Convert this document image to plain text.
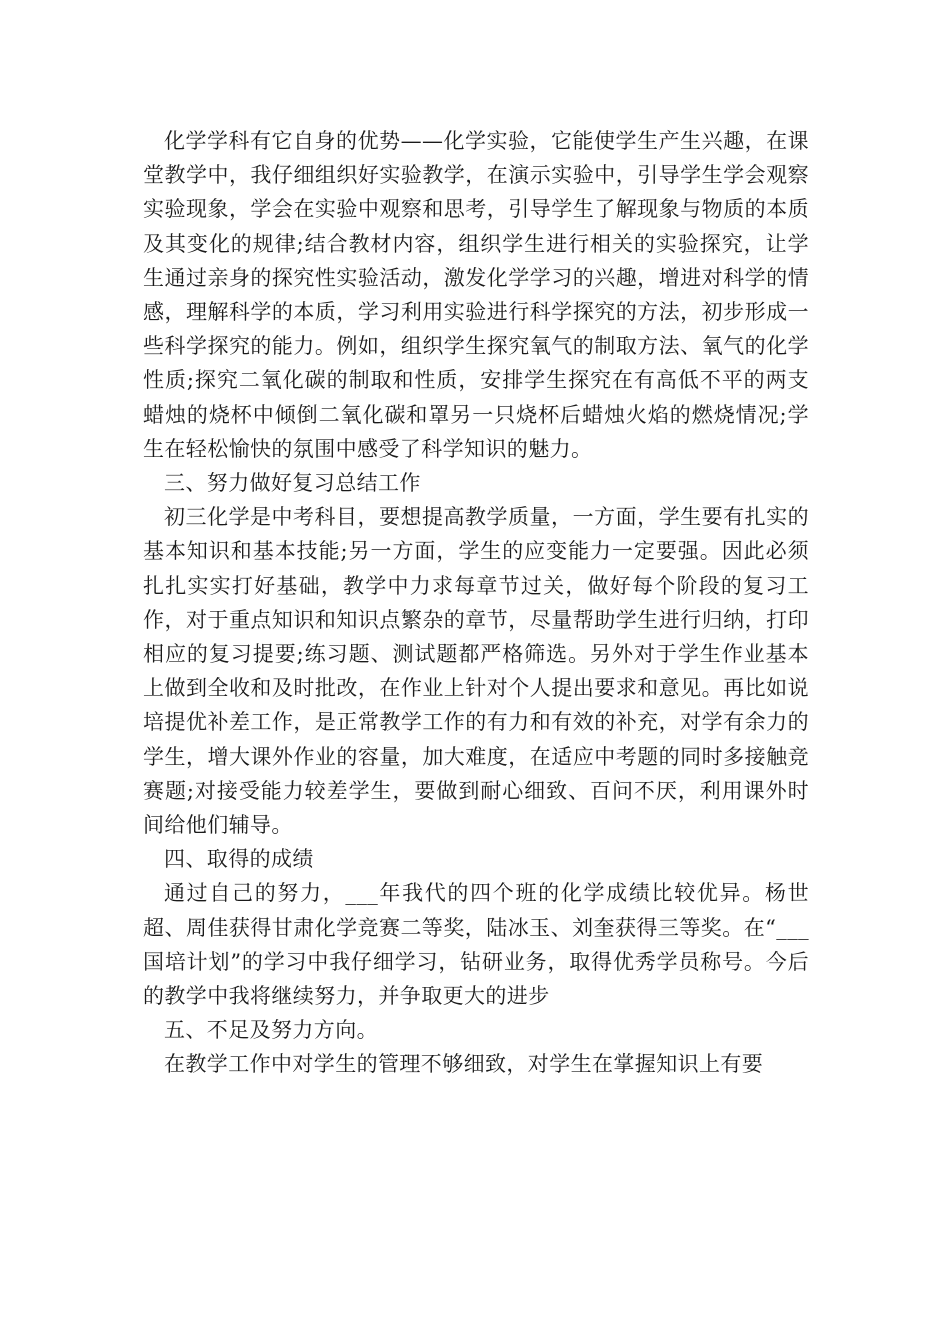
化学学科有它自身的优势——化学实验，它能使学生产生兴趣，在课堂教学中，我仔细组织好实验教学，在演示实验中，引导学生学会观察实验现象，学会在实验中观察和思考，引导学生了解现象与物质的本质及其变化的规律;结合教材内容，组织学生进行相关的实验探究，让学生通过亲身的探究性实验活动，激发化学学习的兴趣，增进对科学的情感，理解科学的本质，学习利用实验进行科学探究的方法，初步形成一些科学探究的能力。例如，组织学生探究氧气的制取方法、氧气的化学性质;探究二氧化碳的制取和性质，安排学生探究在有高低不平的两支蜡烛的烧杯中倾倒二氧化碳和罩另一只烧杯后蜡烛火焰的燃烧情况;学生在轻松愉快的氛围中感受了科学知识的魅力。

三、努力做好复习总结工作

初三化学是中考科目，要想提高教学质量，一方面，学生要有扎实的基本知识和基本技能;另一方面，学生的应变能力一定要强。因此必须扎扎实实打好基础，教学中力求每章节过关，做好每个阶段的复习工作，对于重点知识和知识点繁杂的章节，尽量帮助学生进行归纳，打印相应的复习提要;练习题、测试题都严格筛选。另外对于学生作业基本上做到全收和及时批改，在作业上针对个人提出要求和意见。再比如说培提优补差工作，是正常教学工作的有力和有效的补充，对学有余力的学生，增大课外作业的容量，加大难度，在适应中考题的同时多接触竞赛题;对接受能力较差学生，要做到耐心细致、百问不厌，利用课外时间给他们辅导。

四、取得的成绩

通过自己的努力，___年我代的四个班的化学成绩比较优异。杨世超、周佳获得甘肃化学竞赛二等奖，陆冰玉、刘奎获得三等奖。在“___国培计划”的学习中我仔细学习，钻研业务，取得优秀学员称号。今后的教学中我将继续努力，并争取更大的进步

五、不足及努力方向。

在教学工作中对学生的管理不够细致，对学生在掌握知识上有要
